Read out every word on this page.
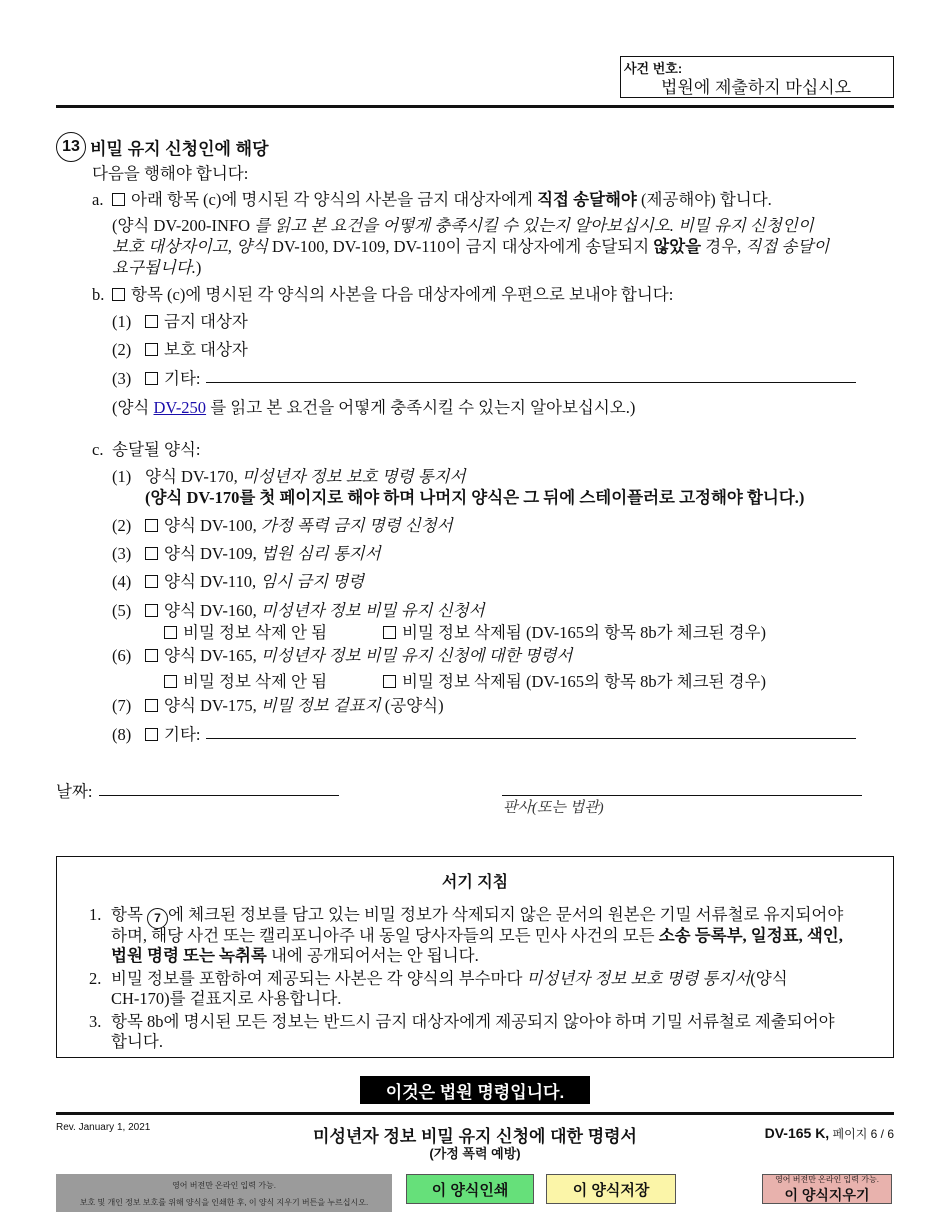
사건 번호:
법원에 제출하지 마십시오
13 비밀 유지 신청인에 해당
다음을 행해야 합니다:
a. 아래 항목 (c)에 명시된 각 양식의 사본을 금지 대상자에게 직접 송달해야 (제공해야) 합니다.
(양식 DV-200-INFO 를 읽고 본 요건을 어떻게 충족시킬 수 있는지 알아보십시오. 비밀 유지 신청인이
보호 대상자이고, 양식 DV-100, DV-109, DV-110이 금지 대상자에게 송달되지 않았을 경우, 직접 송달이
요구됩니다.)
b. 항목 (c)에 명시된 각 양식의 사본을 다음 대상자에게 우편으로 보내야 합니다:
(1) 금지 대상자
(2) 보호 대상자
(3) 기타:
(양식 DV-250 를 읽고 본 요건을 어떻게 충족시킬 수 있는지 알아보십시오.)
c. 송달될 양식:
(1) 양식 DV-170, 미성년자 정보 보호 명령 통지서
(양식 DV-170를 첫 페이지로 해야 하며 나머지 양식은 그 뒤에 스테이플러로 고정해야 합니다.)
(2) 양식 DV-100, 가정 폭력 금지 명령 신청서
(3) 양식 DV-109, 법원 심리 통지서
(4) 양식 DV-110, 임시 금지 명령
(5) 양식 DV-160, 미성년자 정보 비밀 유지 신청서
비밀 정보 삭제 안 됨	비밀 정보 삭제됨 (DV-165의 항목 8b가 체크된 경우)
(6) 양식 DV-165, 미성년자 정보 비밀 유지 신청에 대한 명령서
비밀 정보 삭제 안 됨	비밀 정보 삭제됨 (DV-165의 항목 8b가 체크된 경우)
(7) 양식 DV-175, 비밀 정보 겉표지 (공양식)
(8) 기타:
날짜:
판사(또는 법관)
서기 지침
1. 항목 7 에 체크된 정보를 담고 있는 비밀 정보가 삭제되지 않은 문서의 원본은 기밀 서류철로 유지되어야
하며, 해당 사건 또는 캘리포니아주 내 동일 당사자들의 모든 민사 사건의 모든 소송 등록부, 일정표, 색인,
법원 명령 또는 녹취록 내에 공개되어서는 안 됩니다.
2. 비밀 정보를 포함하여 제공되는 사본은 각 양식의 부수마다 미성년자 정보 보호 명령 통지서(양식
CH-170)를 겉표지로 사용합니다.
3. 항목 8b에 명시된 모든 정보는 반드시 금지 대상자에게 제공되지 않아야 하며 기밀 서류철로 제출되어야
합니다.
이것은 법원 명령입니다.
Rev. January 1, 2021	미성년자 정보 비밀 유지 신청에 대한 명령서
(가정 폭력 예방)
DV-165 K, 페이지 6 / 6
영어 버전만 온라인 입력 가능.
보호 및 개인 정보 보호를 위해 양식을 인쇄한 후, 이 양식 지우기 버튼을 누르십시오.
이 양식인쇄	이 양식저장
영어 버전만 온라인 입력 가능.
이 양식지우기
